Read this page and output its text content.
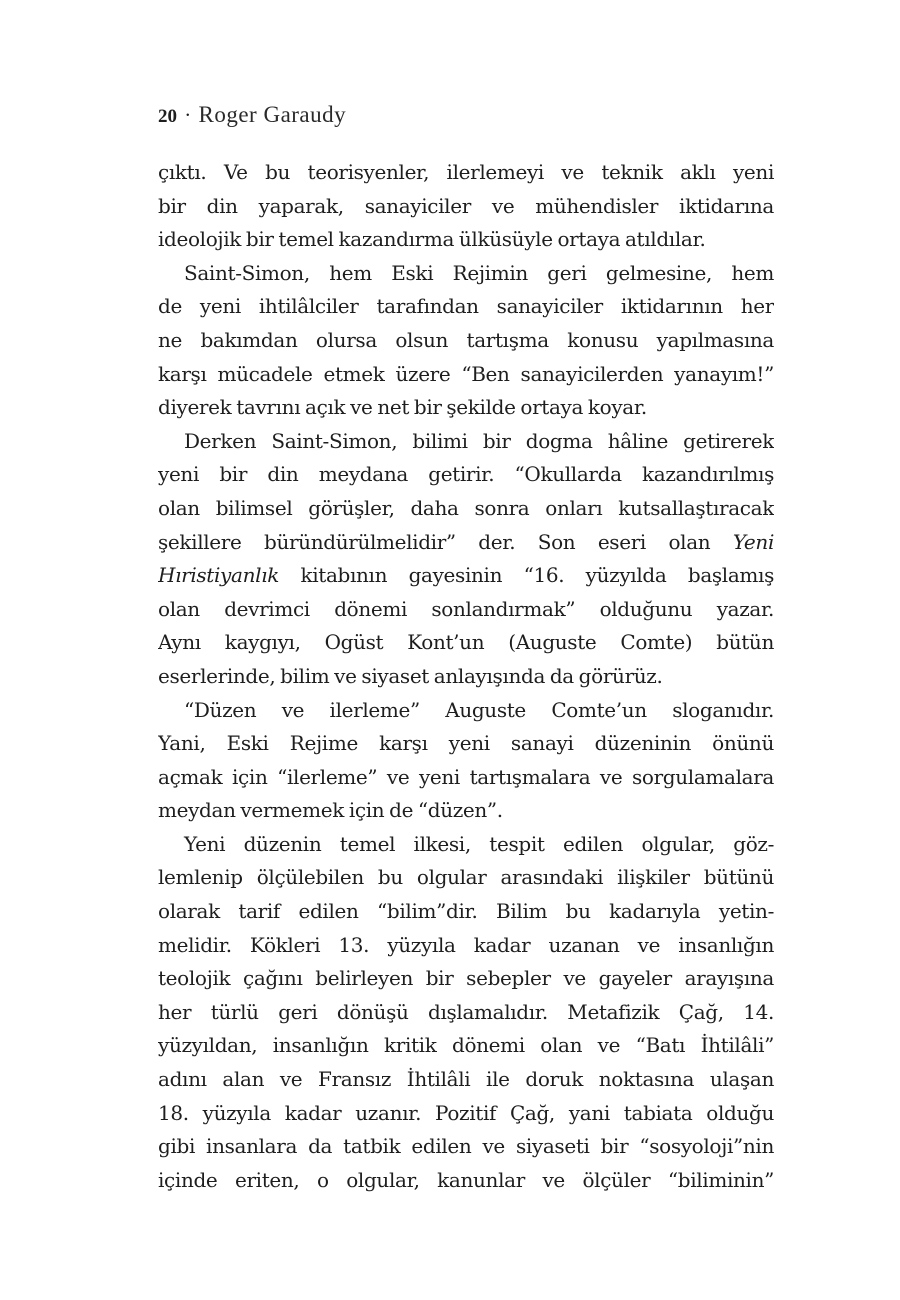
20 · Roger Garaudy
çıktı. Ve bu teorisyenler, ilerlemeyi ve teknik aklı yeni
bir din yaparak, sanayiciler ve mühendisler iktidarına
ideolojik bir temel kazandırma ülküsüyle ortaya atıldılar.
Saint-Simon, hem Eski Rejimin geri gelmesine, hem
de yeni ihtilâlciler tarafından sanayiciler iktidarının her
ne bakımdan olursa olsun tartışma konusu yapılmasına
karşı mücadele etmek üzere “Ben sanayicilerden yanayım!”
diyerek tavrını açık ve net bir şekilde ortaya koyar.
Derken Saint-Simon, bilimi bir dogma hâline getirerek
yeni bir din meydana getirir. “Okullarda kazandırılmış
olan bilimsel görüşler, daha sonra onları kutsallaştıracak
şekillere büründürülmelidir” der. Son eseri olan Yeni
Hıristiyanlık kitabının gayesinin “16. yüzyılda başlamış
olan devrimci dönemi sonlandırmak” olduğunu yazar.
Aynı kaygıyı, Ogüst Kont’un (Auguste Comte) bütün
eserlerinde, bilim ve siyaset anlayışında da görürüz.
“Düzen ve ilerleme” Auguste Comte’un sloganıdır.
Yani, Eski Rejime karşı yeni sanayi düzeninin önünü
açmak için “ilerleme” ve yeni tartışmalara ve sorgulamalara
meydan vermemek için de “düzen”.
Yeni düzenin temel ilkesi, tespit edilen olgular, göz-
lemlenip ölçülebilen bu olgular arasındaki ilişkiler bütünü
olarak tarif edilen “bilim”dir. Bilim bu kadarıyla yetin-
melidir. Kökleri 13. yüzyıla kadar uzanan ve insanlığın
teolojik çağını belirleyen bir sebepler ve gayeler arayışına
her türlü geri dönüşü dışlamalıdır. Metafizik Çağ, 14.
yüzyıldan, insanlığın kritik dönemi olan ve “Batı İhtilâli”
adını alan ve Fransız İhtilâli ile doruk noktasına ulaşan
18. yüzyıla kadar uzanır. Pozitif Çağ, yani tabiata olduğu
gibi insanlara da tatbik edilen ve siyaseti bir “sosyoloji”nin
içinde eriten, o olgular, kanunlar ve ölçüler “biliminin”
